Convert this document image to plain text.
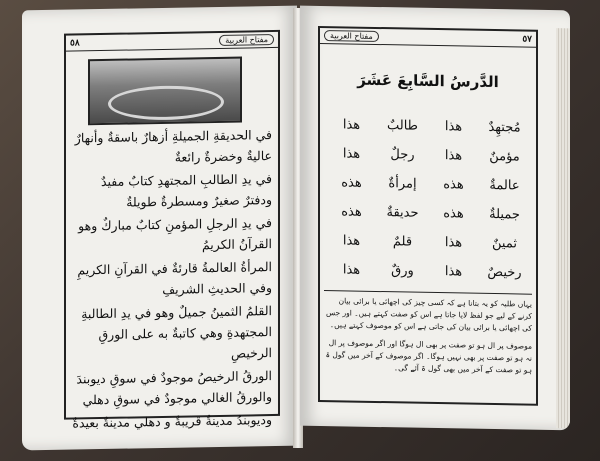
٥٨	مفتاح العربية

في الحديقةِ الجميلةِ أزهارٌ باسقةٌ وأنهارٌ عاليةٌ وخضرةٌ رائعةٌ

في يدِ الطالبِ المجتهدِ كتابٌ مفيدٌ ودفترٌ صغيرٌ ومسطرةٌ طويلةٌ

في يدِ الرجلِ المؤمنِ كتابٌ مباركٌ وهو القرآنُ الكريمُ

المرأةُ العالمةُ قارئةٌ في القرآنِ الكريمِ وفي الحديثِ الشريفِ

القلمُ الثمينُ جميلٌ وهو في يدِ الطالبةِ المجتهدةِ وهي كاتبةٌ به على الورقِ الرخيصِ

الورقُ الرخيصُ موجودٌ في سوقِ ديوبندَ والورقُ الغالي موجودٌ في سوقِ دهلي

وديوبندُ مدينةٌ قريبةٌ و دهلي مدينةٌ بعيدةٌ

مفتاح العربية	٥٧
الدَّرسُ السَّابِعَ عَشَرَ
هذا	طالبٌ	هذا	مُجتهِدٌ
هذا	رجلٌ	هذا	مؤمنٌ
هذه	إمرأةٌ	هذه	عالمةٌ
هذه	حديقةٌ	هذه	جميلةٌ
هذا	قلمٌ	هذا	ثمينٌ
هذا	ورقٌ	هذا	رخيصٌ

یہاں طلبہ کو یہ بتانا ہے کہ کسی چیز کی اچھائی یا برائی بیان کرنے کے لیے جو لفظ لایا جاتا ہے اس کو صفت کہتے ہیں۔ اور جس کی اچھائی یا برائی بیان کی جاتی ہے اس کو موصوف کہتے ہیں۔

موصوف پر ال ہو تو صفت پر بھی ال ہوگا اور اگر موصوف پر ال نہ ہو تو صفت پر بھی نہیں ہوگا۔ اگر موصوف کے آخر میں گول ۃ ہو تو صفت کے آخر میں بھی گول ۃ آئے گی۔
